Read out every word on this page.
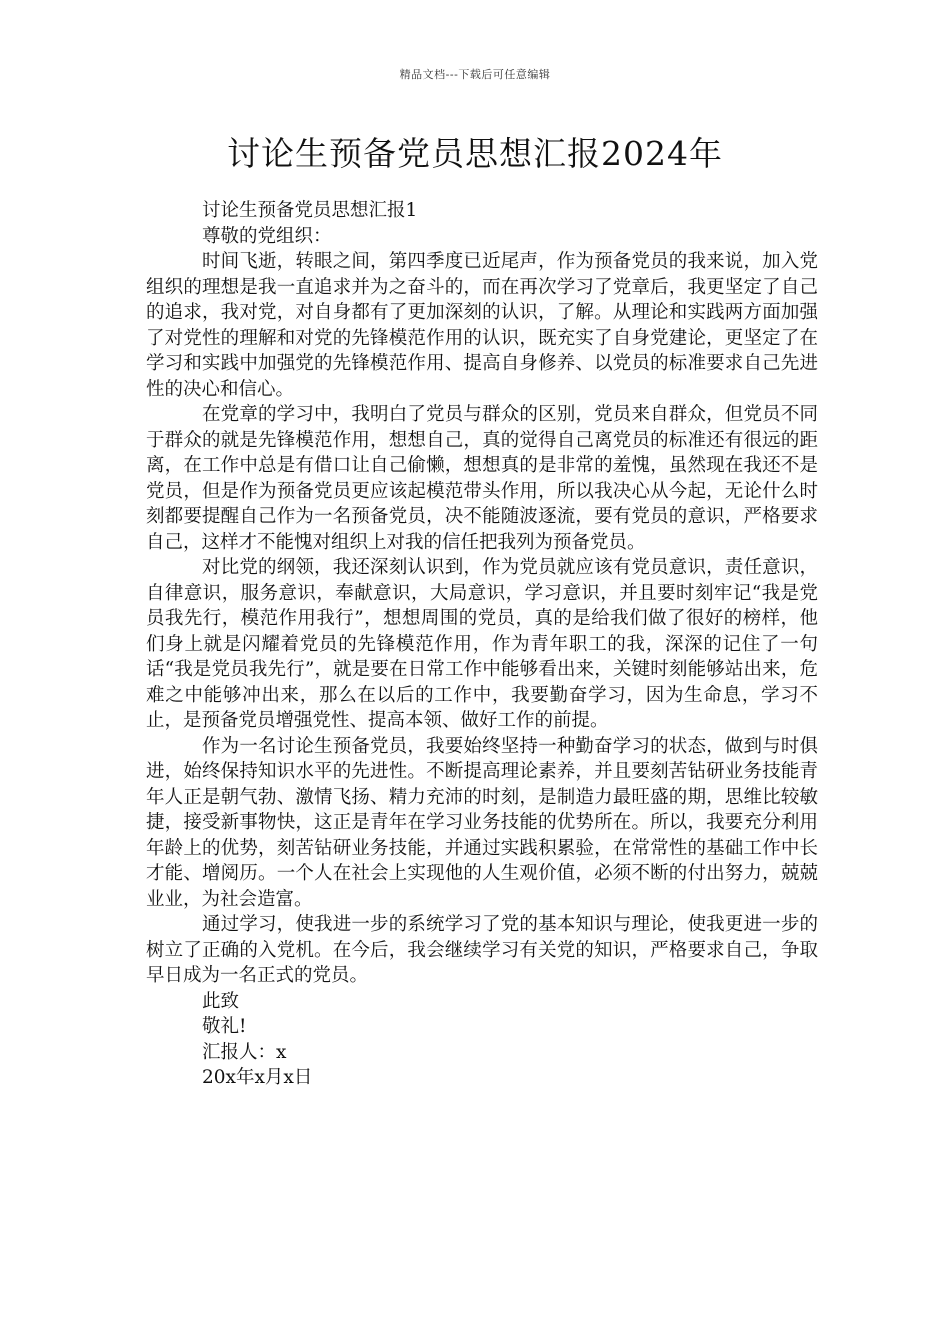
精品文档---下载后可任意编辑
讨论生预备党员思想汇报2024年
讨论生预备党员思想汇报1
尊敬的党组织：

时间飞逝，转眼之间，第四季度已近尾声，作为预备党员的我来说，加入党组织的理想是我一直追求并为之奋斗的，而在再次学习了党章后，我更坚定了自己的追求，我对党，对自身都有了更加深刻的认识，了解。从理论和实践两方面加强了对党性的理解和对党的先锋模范作用的认识，既充实了自身党建论，更坚定了在学习和实践中加强党的先锋模范作用、提高自身修养、以党员的标准要求自己先进性的决心和信心。

在党章的学习中，我明白了党员与群众的区别，党员来自群众，但党员不同于群众的就是先锋模范作用，想想自己，真的觉得自己离党员的标准还有很远的距离，在工作中总是有借口让自己偷懒，想想真的是非常的羞愧，虽然现在我还不是党员，但是作为预备党员更应该起模范带头作用，所以我决心从今起，无论什么时刻都要提醒自己作为一名预备党员，决不能随波逐流，要有党员的意识，严格要求自己，这样才不能愧对组织上对我的信任把我列为预备党员。

对比党的纲领，我还深刻认识到，作为党员就应该有党员意识，责任意识，自律意识，服务意识，奉献意识，大局意识，学习意识，并且要时刻牢记“我是党员我先行，模范作用我行”，想想周围的党员，真的是给我们做了很好的榜样，他们身上就是闪耀着党员的先锋模范作用，作为青年职工的我，深深的记住了一句话“我是党员我先行”，就是要在日常工作中能够看出来，关键时刻能够站出来，危难之中能够冲出来，那么在以后的工作中，我要勤奋学习，因为生命息，学习不止，是预备党员增强党性、提高本领、做好工作的前提。

作为一名讨论生预备党员，我要始终坚持一种勤奋学习的状态，做到与时俱进，始终保持知识水平的先进性。不断提高理论素养，并且要刻苦钻研业务技能青年人正是朝气勃、激情飞扬、精力充沛的时刻，是制造力最旺盛的期，思维比较敏捷，接受新事物快，这正是青年在学习业务技能的优势所在。所以，我要充分利用年龄上的优势，刻苦钻研业务技能，并通过实践积累验，在常常性的基础工作中长才能、增阅历。一个人在社会上实现他的人生观价值，必须不断的付出努力，兢兢业业，为社会造富。

通过学习，使我进一步的系统学习了党的基本知识与理论，使我更进一步的树立了正确的入党机。在今后，我会继续学习有关党的知识，严格要求自己，争取早日成为一名正式的党员。

此致
敬礼!
汇报人：x
20x年x月x日
